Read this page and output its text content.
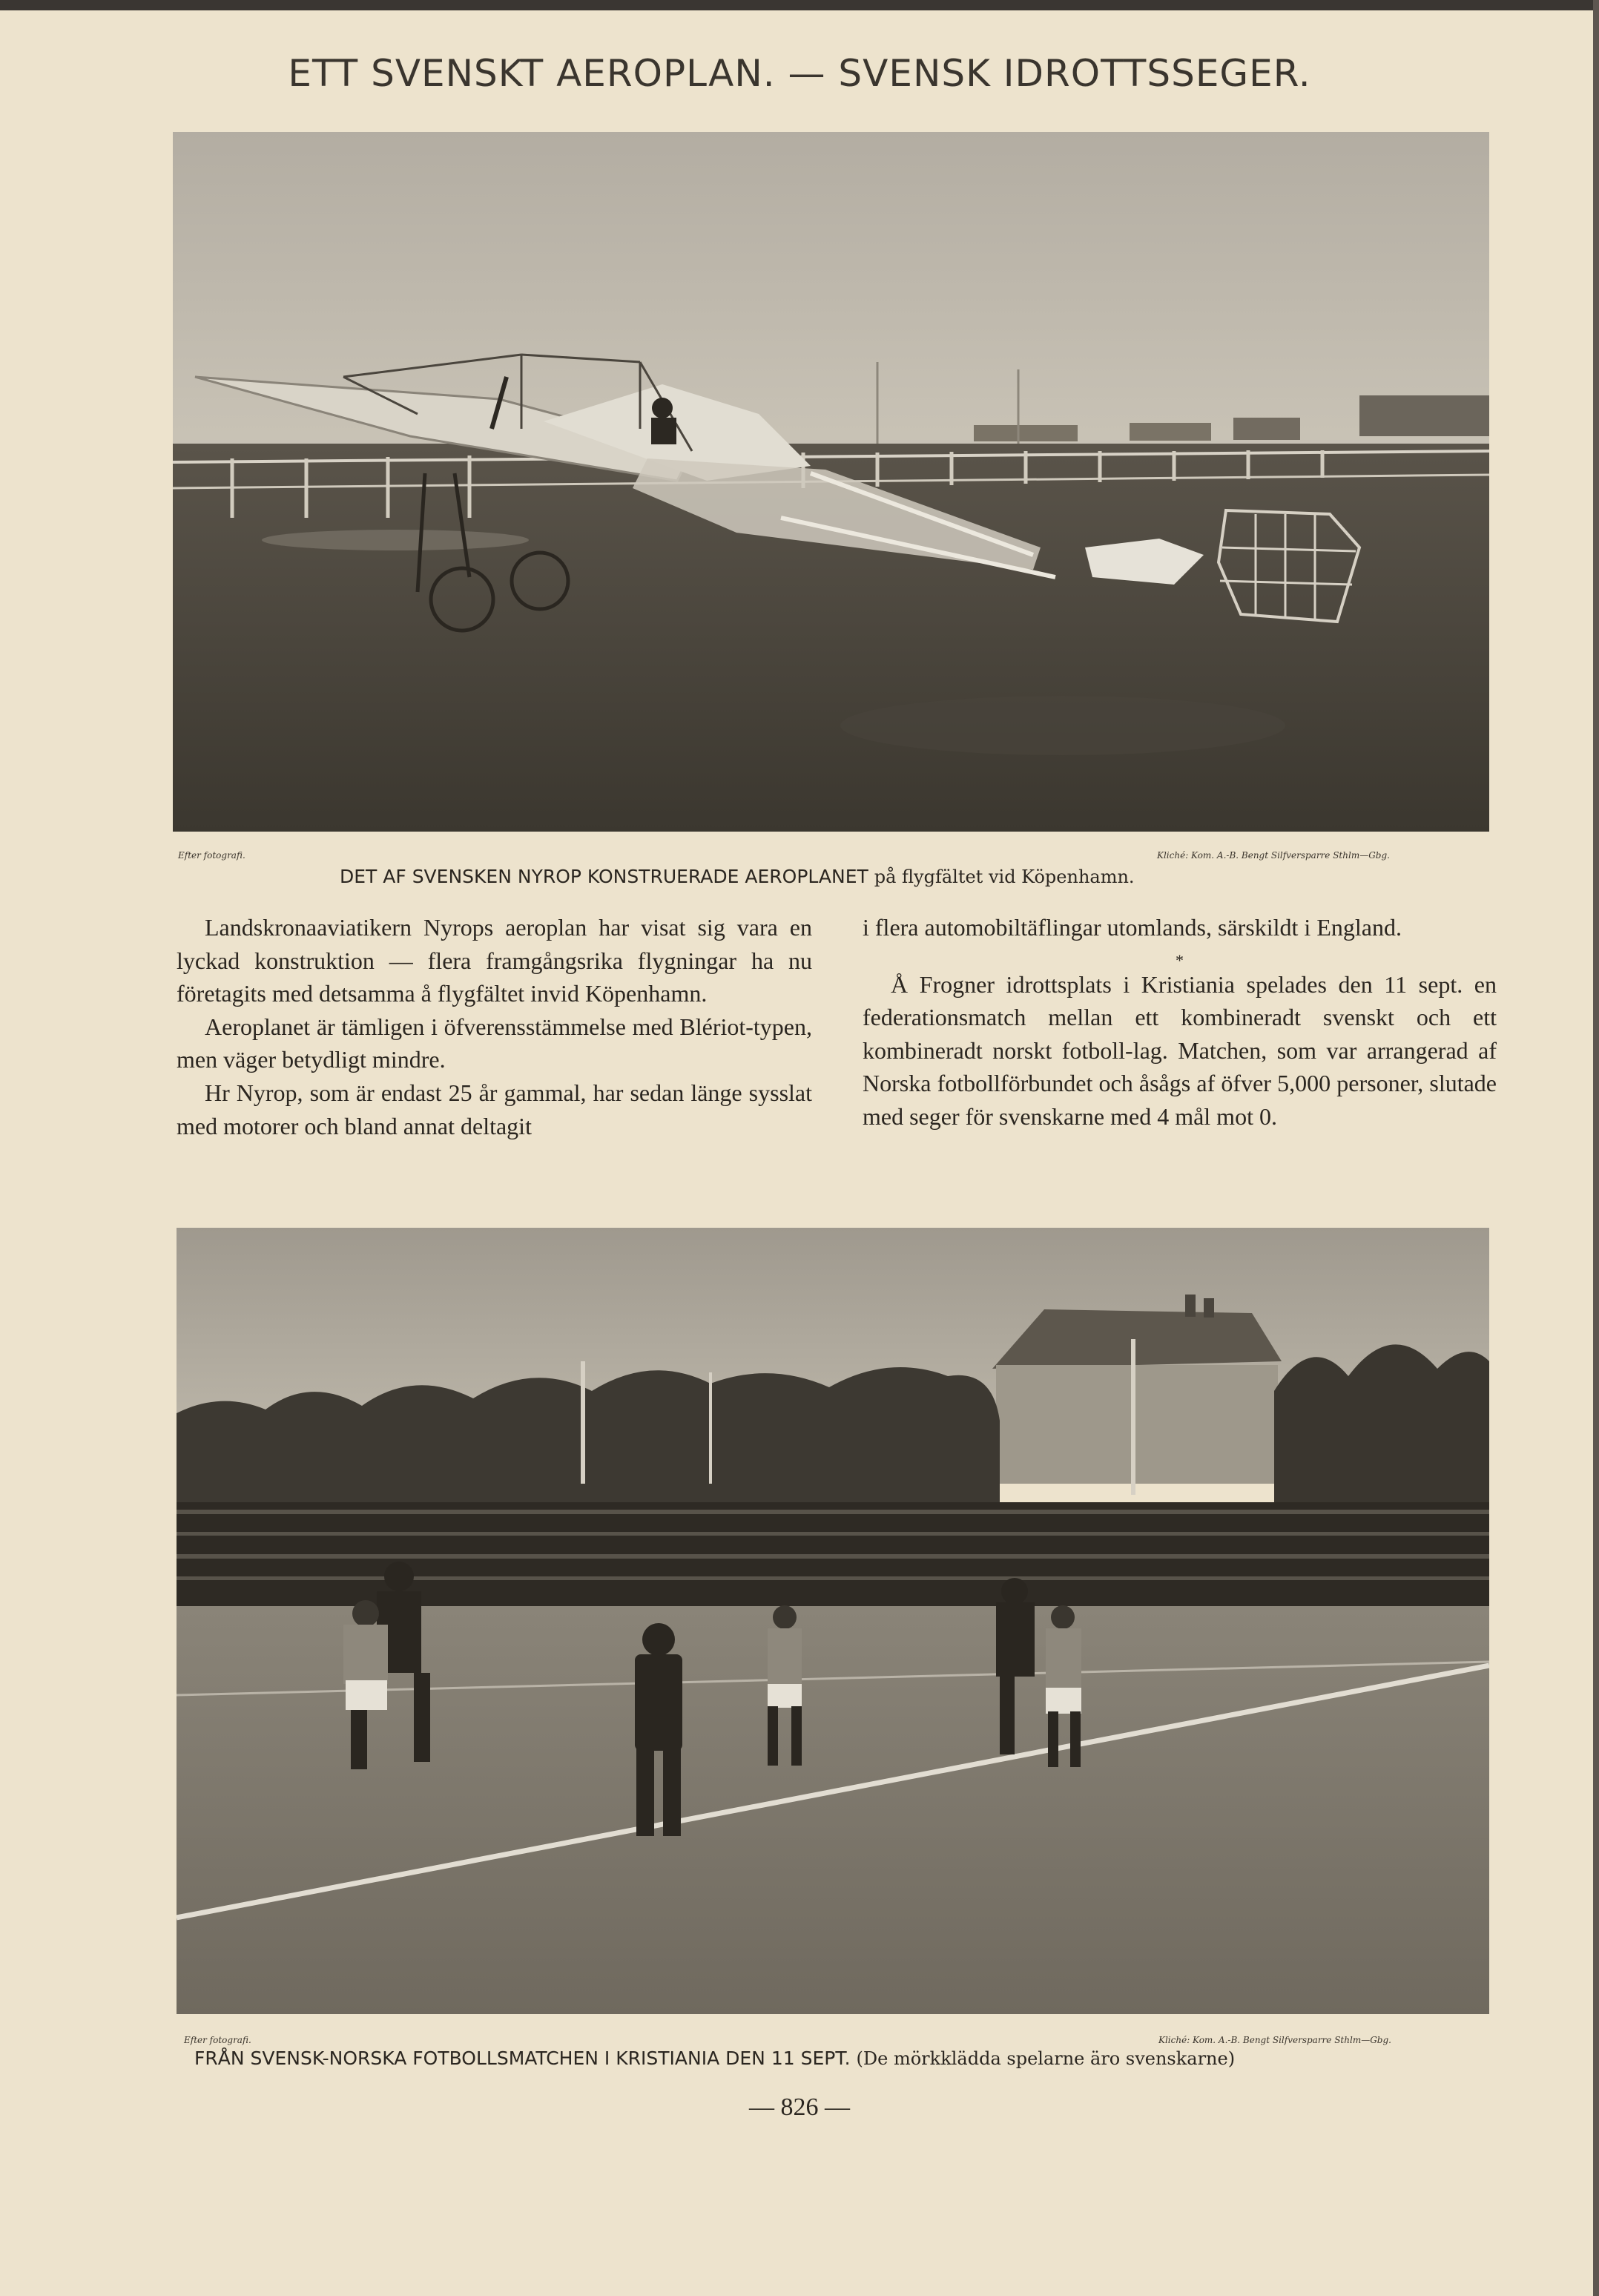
ETT SVENSKT AEROPLAN. — SVENSK IDROTTSSEGER.
Efter fotografi.	Kliché: Kom. A.-B. Bengt Silfversparre Sthlm—Gbg.
DET AF SVENSKEN NYROP KONSTRUERADE AEROPLANET på flygfältet vid Köpenhamn.

Landskronaaviatikern Nyrops aeroplan har visat sig vara en lyckad konstruktion — flera framgångsrika flygningar ha nu företagits med detsamma å flygfältet invid Köpenhamn.

Aeroplanet är tämligen i öfverensstämmelse med Blériot-typen, men väger betydligt mindre.

Hr Nyrop, som är endast 25 år gammal, har sedan länge sysslat med motorer och bland annat deltagit

i flera automobiltäflingar utomlands, särskildt i England.

*

Å Frogner idrottsplats i Kristiania spelades den 11 sept. en federationsmatch mellan ett kombineradt svenskt och ett kombineradt norskt fotboll-lag. Matchen, som var arrangerad af Norska fotbollförbundet och åsågs af öfver 5,000 personer, slutade med seger för svenskarne med 4 mål mot 0.

Efter fotografi.	Kliché: Kom. A.-B. Bengt Silfversparre Sthlm—Gbg.
FRÅN SVENSK-NORSKA FOTBOLLSMATCHEN I KRISTIANIA DEN 11 SEPT. (De mörkklädda spelarne äro svenskarne)
— 826 —
